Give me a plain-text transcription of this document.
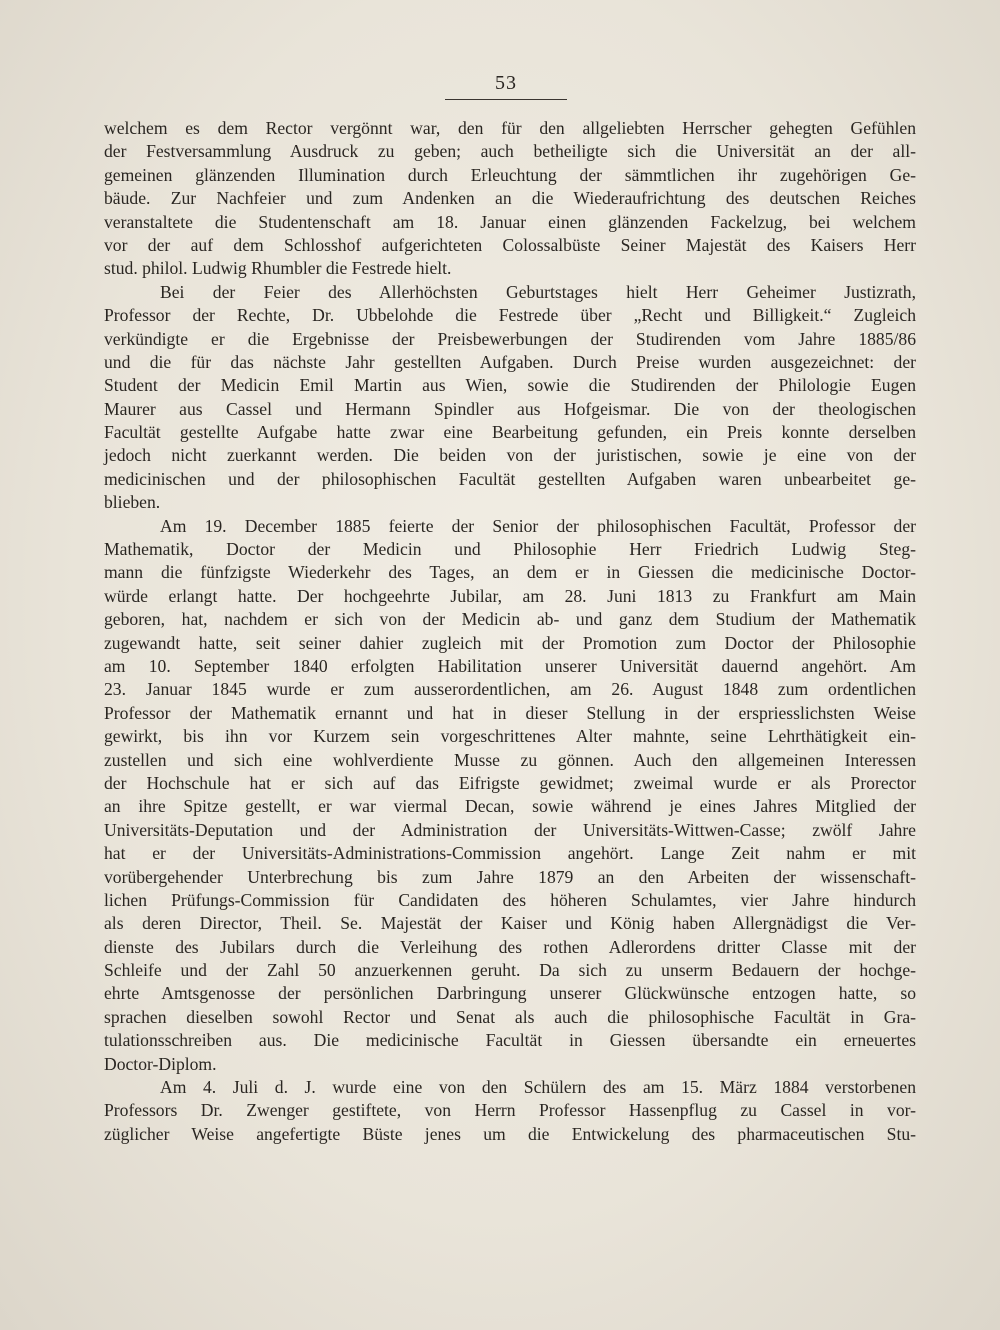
53
welchem es dem Rector vergönnt war, den für den allgeliebten Herrscher gehegten Gefühlen
der Festversammlung Ausdruck zu geben; auch betheiligte sich die Universität an der all-
gemeinen glänzenden Illumination durch Erleuchtung der sämmtlichen ihr zugehörigen Ge-
bäude. Zur Nachfeier und zum Andenken an die Wiederaufrichtung des deutschen Reiches
veranstaltete die Studentenschaft am 18. Januar einen glänzenden Fackelzug, bei welchem
vor der auf dem Schlosshof aufgerichteten Colossalbüste Seiner Majestät des Kaisers Herr
stud. philol. Ludwig Rhumbler die Festrede hielt.
Bei der Feier des Allerhöchsten Geburtstages hielt Herr Geheimer Justizrath,
Professor der Rechte, Dr. Ubbelohde die Festrede über „Recht und Billigkeit.“ Zugleich
verkündigte er die Ergebnisse der Preisbewerbungen der Studirenden vom Jahre 1885/86
und die für das nächste Jahr gestellten Aufgaben. Durch Preise wurden ausgezeichnet: der
Student der Medicin Emil Martin aus Wien, sowie die Studirenden der Philologie Eugen
Maurer aus Cassel und Hermann Spindler aus Hofgeismar. Die von der theologischen
Facultät gestellte Aufgabe hatte zwar eine Bearbeitung gefunden, ein Preis konnte derselben
jedoch nicht zuerkannt werden. Die beiden von der juristischen, sowie je eine von der
medicinischen und der philosophischen Facultät gestellten Aufgaben waren unbearbeitet ge-
blieben.
Am 19. December 1885 feierte der Senior der philosophischen Facultät, Professor der
Mathematik, Doctor der Medicin und Philosophie Herr Friedrich Ludwig Steg-
mann die fünfzigste Wiederkehr des Tages, an dem er in Giessen die medicinische Doctor-
würde erlangt hatte. Der hochgeehrte Jubilar, am 28. Juni 1813 zu Frankfurt am Main
geboren, hat, nachdem er sich von der Medicin ab- und ganz dem Studium der Mathematik
zugewandt hatte, seit seiner dahier zugleich mit der Promotion zum Doctor der Philosophie
am 10. September 1840 erfolgten Habilitation unserer Universität dauernd angehört. Am
23. Januar 1845 wurde er zum ausserordentlichen, am 26. August 1848 zum ordentlichen
Professor der Mathematik ernannt und hat in dieser Stellung in der erspriesslichsten Weise
gewirkt, bis ihn vor Kurzem sein vorgeschrittenes Alter mahnte, seine Lehrthätigkeit ein-
zustellen und sich eine wohlverdiente Musse zu gönnen. Auch den allgemeinen Interessen
der Hochschule hat er sich auf das Eifrigste gewidmet; zweimal wurde er als Prorector
an ihre Spitze gestellt, er war viermal Decan, sowie während je eines Jahres Mitglied der
Universitäts-Deputation und der Administration der Universitäts-Wittwen-Casse; zwölf Jahre
hat er der Universitäts-Administrations-Commission angehört. Lange Zeit nahm er mit
vorübergehender Unterbrechung bis zum Jahre 1879 an den Arbeiten der wissenschaft-
lichen Prüfungs-Commission für Candidaten des höheren Schulamtes, vier Jahre hindurch
als deren Director, Theil. Se. Majestät der Kaiser und König haben Allergnädigst die Ver-
dienste des Jubilars durch die Verleihung des rothen Adlerordens dritter Classe mit der
Schleife und der Zahl 50 anzuerkennen geruht. Da sich zu unserm Bedauern der hochge-
ehrte Amtsgenosse der persönlichen Darbringung unserer Glückwünsche entzogen hatte, so
sprachen dieselben sowohl Rector und Senat als auch die philosophische Facultät in Gra-
tulationsschreiben aus. Die medicinische Facultät in Giessen übersandte ein erneuertes
Doctor-Diplom.
Am 4. Juli d. J. wurde eine von den Schülern des am 15. März 1884 verstorbenen
Professors Dr. Zwenger gestiftete, von Herrn Professor Hassenpflug zu Cassel in vor-
züglicher Weise angefertigte Büste jenes um die Entwickelung des pharmaceutischen Stu-
